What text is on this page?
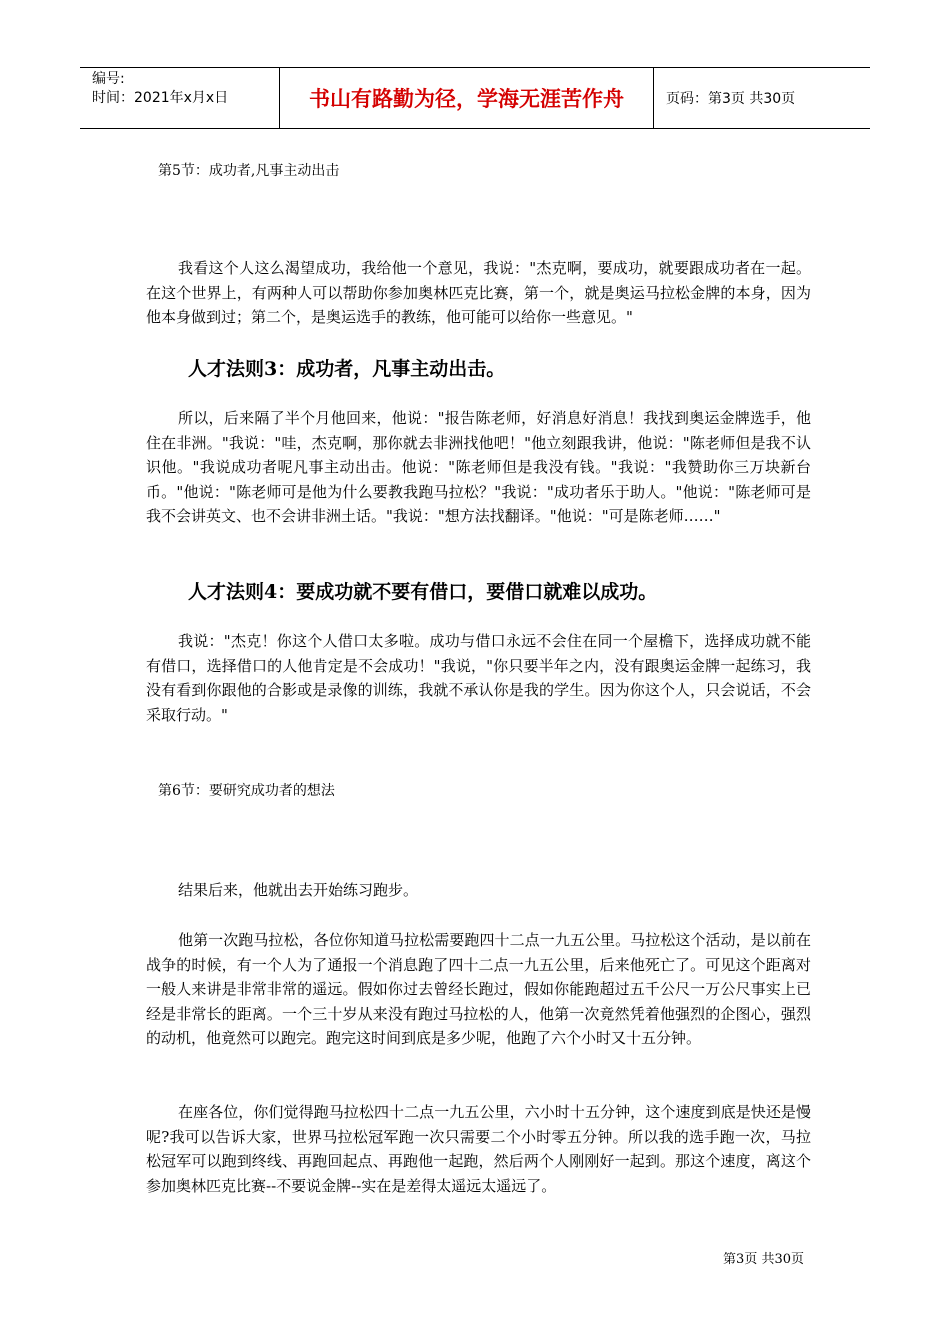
编号:
时间：2021年x月x日	书山有路勤为径，学海无涯苦作舟	页码：第3页 共30页
第5节：成功者,凡事主动出击

我看这个人这么渴望成功，我给他一个意见，我说："杰克啊，要成功，就要跟成功者在一起。在这个世界上，有两种人可以帮助你参加奥林匹克比赛，第一个，就是奥运马拉松金牌的本身，因为他本身做到过；第二个，是奥运选手的教练，他可能可以给你一些意见。"

人才法则3：成功者，凡事主动出击。

所以，后来隔了半个月他回来，他说："报告陈老师，好消息好消息！我找到奥运金牌选手，他住在非洲。"我说："哇，杰克啊，那你就去非洲找他吧！"他立刻跟我讲，他说："陈老师但是我不认识他。"我说成功者呢凡事主动出击。他说："陈老师但是我没有钱。"我说："我赞助你三万块新台币。"他说："陈老师可是他为什么要教我跑马拉松？"我说："成功者乐于助人。"他说："陈老师可是我不会讲英文、也不会讲非洲土话。"我说："想方法找翻译。"他说："可是陈老师……"

人才法则4：要成功就不要有借口，要借口就难以成功。

我说："杰克！你这个人借口太多啦。成功与借口永远不会住在同一个屋檐下，选择成功就不能有借口，选择借口的人他肯定是不会成功！"我说，"你只要半年之内，没有跟奥运金牌一起练习，我没有看到你跟他的合影或是录像的训练，我就不承认你是我的学生。因为你这个人，只会说话，不会采取行动。"

第6节：要研究成功者的想法

结果后来，他就出去开始练习跑步。

他第一次跑马拉松，各位你知道马拉松需要跑四十二点一九五公里。马拉松这个活动，是以前在战争的时候，有一个人为了通报一个消息跑了四十二点一九五公里，后来他死亡了。可见这个距离对一般人来讲是非常非常的遥远。假如你过去曾经长跑过，假如你能跑超过五千公尺一万公尺事实上已经是非常长的距离。一个三十岁从来没有跑过马拉松的人，他第一次竟然凭着他强烈的企图心，强烈的动机，他竟然可以跑完。跑完这时间到底是多少呢，他跑了六个小时又十五分钟。

在座各位，你们觉得跑马拉松四十二点一九五公里，六小时十五分钟，这个速度到底是快还是慢呢?我可以告诉大家，世界马拉松冠军跑一次只需要二个小时零五分钟。所以我的选手跑一次，马拉松冠军可以跑到终线、再跑回起点、再跑他一起跑，然后两个人刚刚好一起到。那这个速度，离这个参加奥林匹克比赛--不要说金牌--实在是差得太遥远太遥远了。

第3页 共30页
